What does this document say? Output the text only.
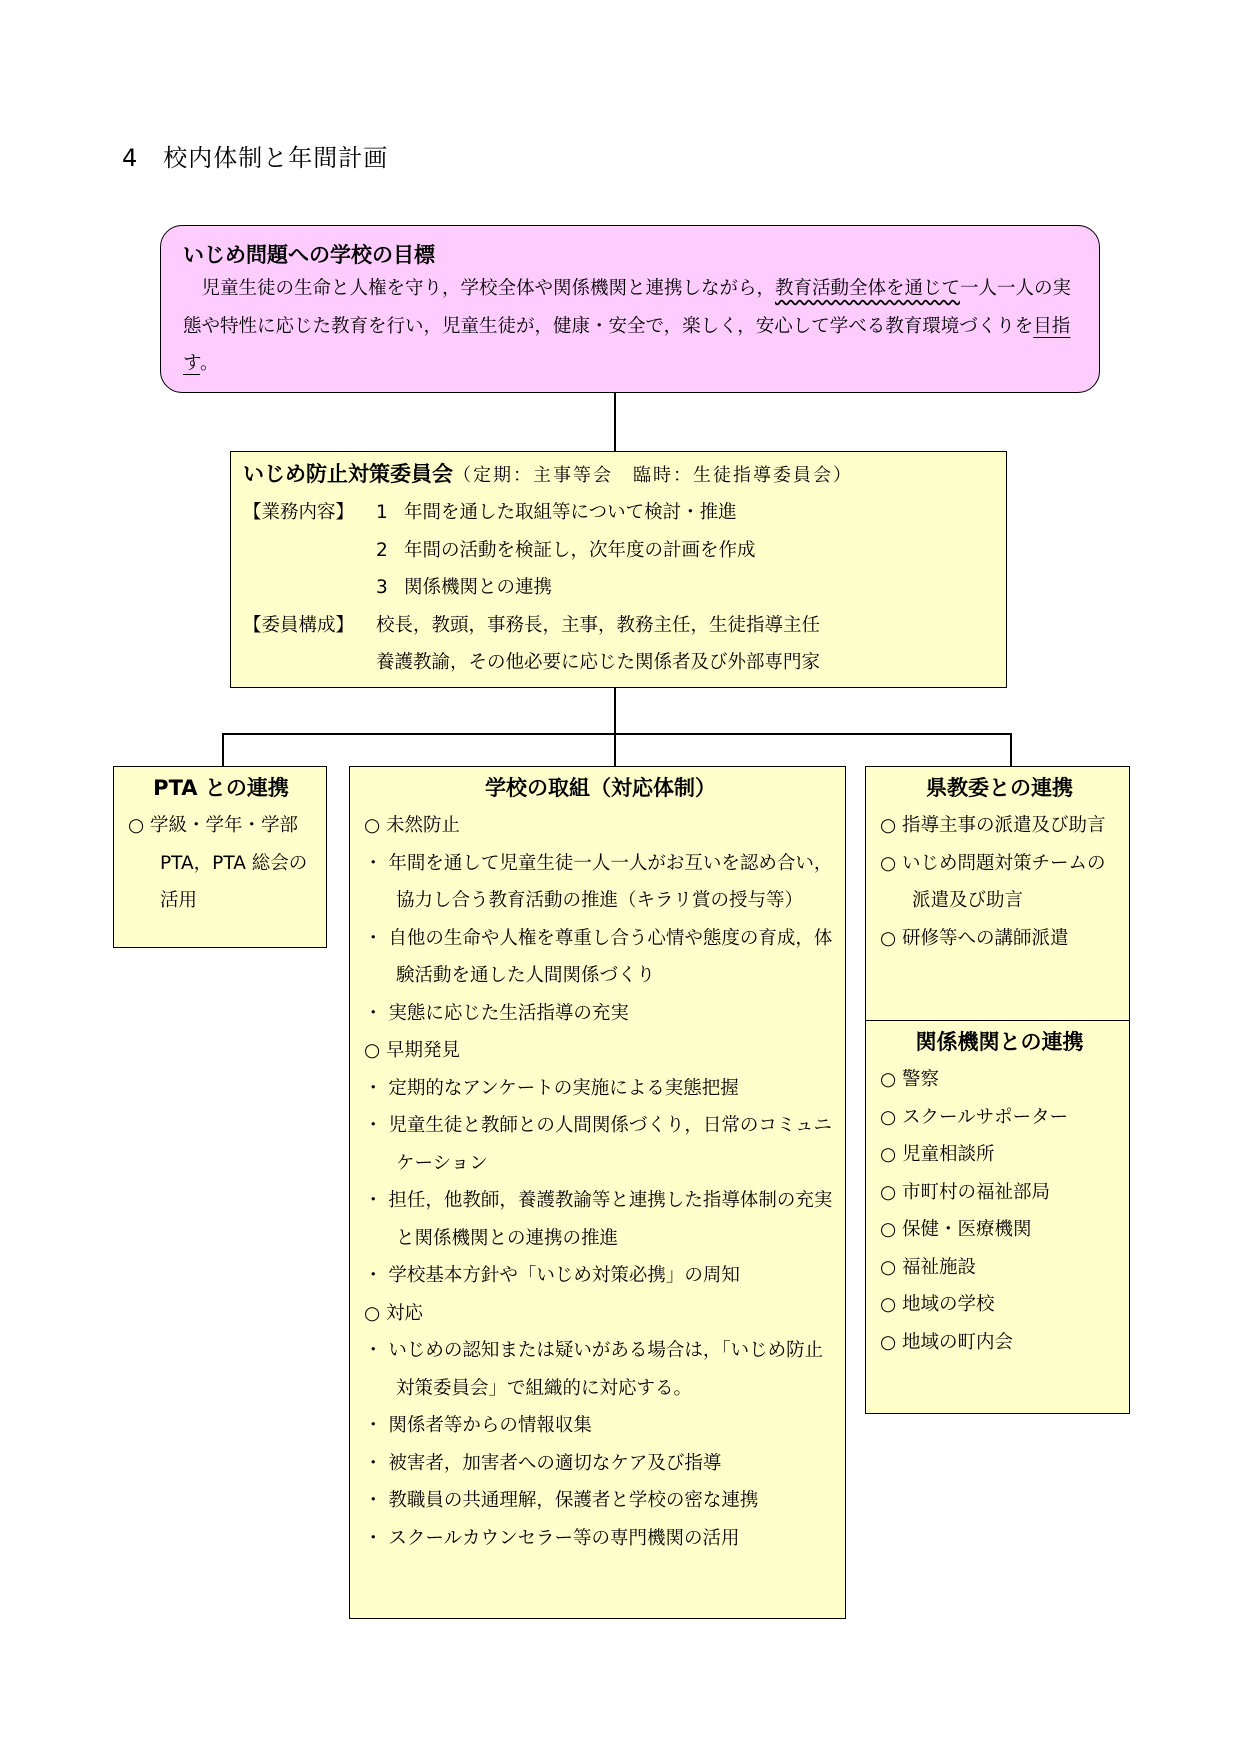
4　校内体制と年間計画
いじめ問題への学校の目標
児童生徒の生命と人権を守り，学校全体や関係機関と連携しながら，教育活動全体を通じて一人一人の実態や特性に応じた教育を行い，児童生徒が，健康・安全で，楽しく，安心して学べる教育環境づくりを目指す。
いじめ防止対策委員会（定期：主事等会　臨時：生徒指導委員会）
【業務内容】	1 年間を通した取組等について検討・推進
2 年間の活動を検証し，次年度の計画を作成
3 関係機関との連携
【委員構成】	校長，教頭，事務長，主事，教務主任，生徒指導主任
養護教諭，その他必要に応じた関係者及び外部専門家
PTA との連携
○ 学級・学年・学部 PTA，PTA 総会の活用
学校の取組（対応体制）
○ 未然防止
・ 年間を通して児童生徒一人一人がお互いを認め合い，協力し合う教育活動の推進（キラリ賞の授与等）
・ 自他の生命や人権を尊重し合う心情や態度の育成，体験活動を通した人間関係づくり
・ 実態に応じた生活指導の充実
○ 早期発見
・ 定期的なアンケートの実施による実態把握
・ 児童生徒と教師との人間関係づくり，日常のコミュニケーション
・ 担任，他教師，養護教諭等と連携した指導体制の充実と関係機関との連携の推進
・ 学校基本方針や「いじめ対策必携」の周知
○ 対応
・ いじめの認知または疑いがある場合は，「いじめ防止対策委員会」で組織的に対応する。
・ 関係者等からの情報収集
・ 被害者，加害者への適切なケア及び指導
・ 教職員の共通理解，保護者と学校の密な連携
・ スクールカウンセラー等の専門機関の活用
県教委との連携
○ 指導主事の派遣及び助言
○ いじめ問題対策チームの派遣及び助言
○ 研修等への講師派遣
関係機関との連携
○ 警察
○ スクールサポーター
○ 児童相談所
○ 市町村の福祉部局
○ 保健・医療機関
○ 福祉施設
○ 地域の学校
○ 地域の町内会
